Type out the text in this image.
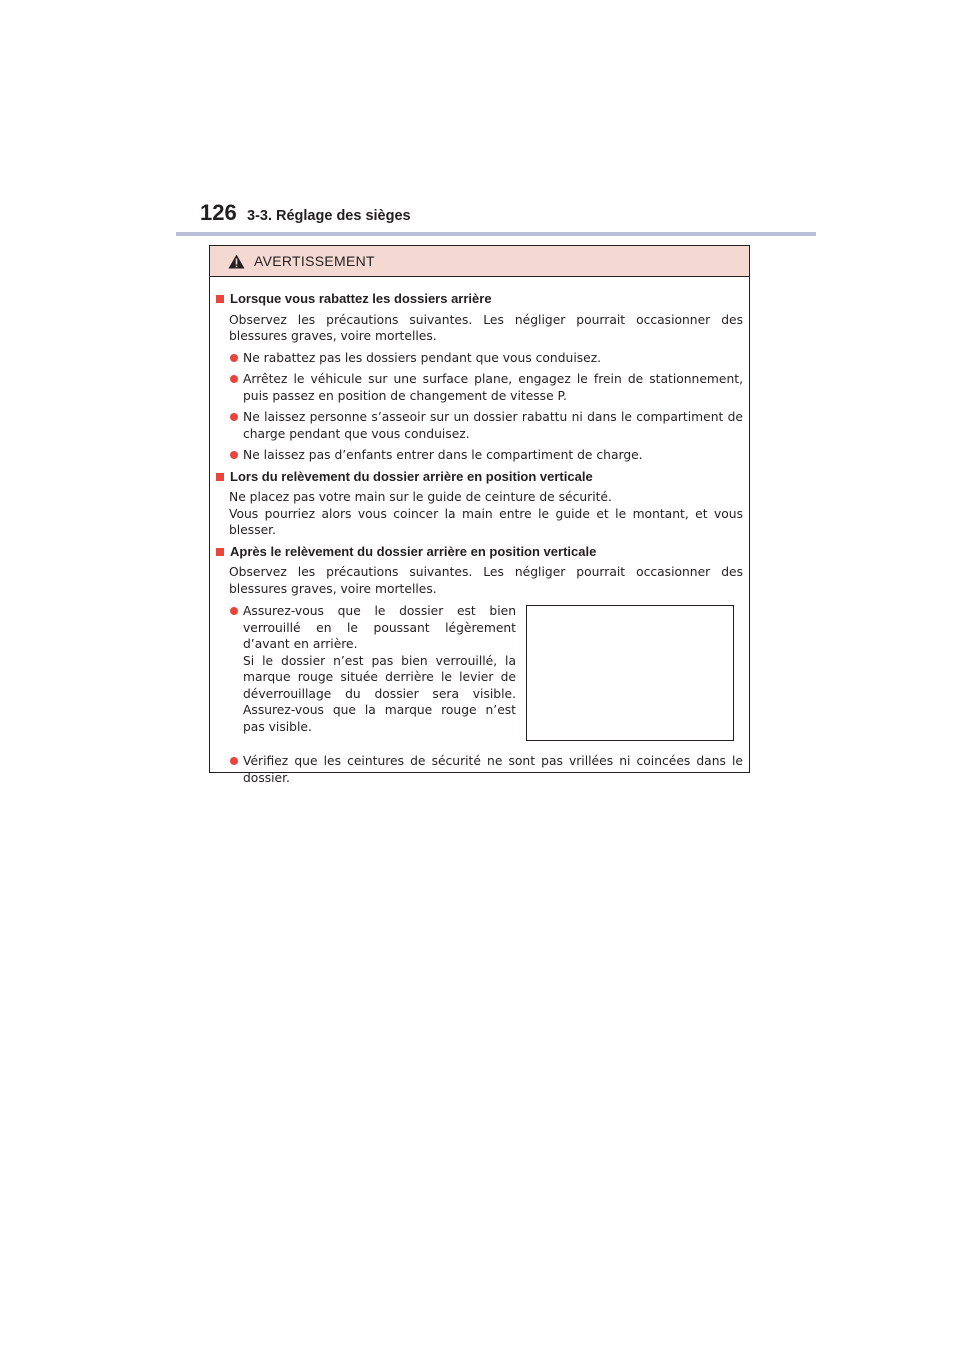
126 3-3. Réglage des sièges
AVERTISSEMENT
Lorsque vous rabattez les dossiers arrière
Observez les précautions suivantes. Les négliger pourrait occasionner des blessures graves, voire mortelles.
Ne rabattez pas les dossiers pendant que vous conduisez.
Arrêtez le véhicule sur une surface plane, engagez le frein de stationnement, puis passez en position de changement de vitesse P.
Ne laissez personne s’asseoir sur un dossier rabattu ni dans le compartiment de charge pendant que vous conduisez.
Ne laissez pas d’enfants entrer dans le compartiment de charge.
Lors du relèvement du dossier arrière en position verticale
Ne placez pas votre main sur le guide de ceinture de sécurité.
Vous pourriez alors vous coincer la main entre le guide et le montant, et vous blesser.
Après le relèvement du dossier arrière en position verticale
Observez les précautions suivantes. Les négliger pourrait occasionner des blessures graves, voire mortelles.
Assurez-vous que le dossier est bien verrouillé en le poussant légèrement d’avant en arrière.
Si le dossier n’est pas bien verrouillé, la marque rouge située derrière le levier de déverrouillage du dossier sera visible. Assurez-vous que la marque rouge n’est pas visible.
Vérifiez que les ceintures de sécurité ne sont pas vrillées ni coincées dans le dossier.
